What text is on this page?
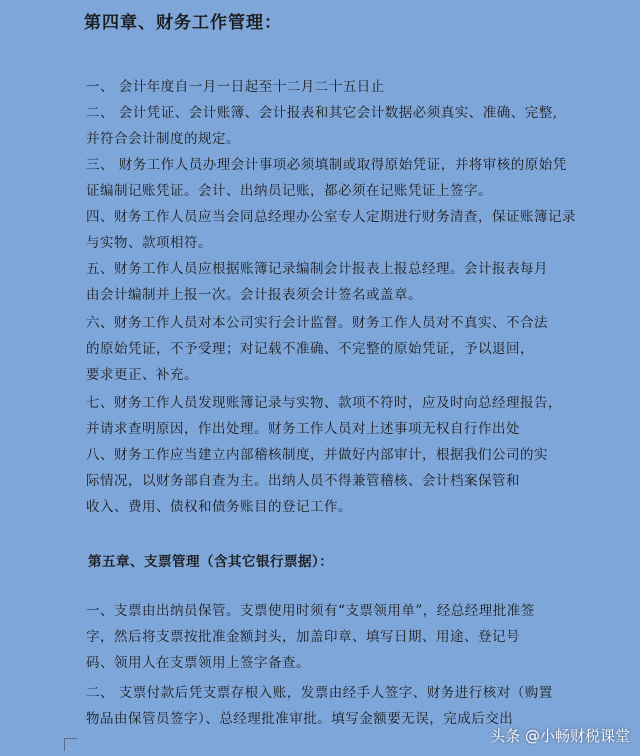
第四章、财务工作管理：
一、 会计年度自一月一日起至十二月二十五日止
二、 会计凭证、会计账簿、会计报表和其它会计数据必须真实、准确、完整,
并符合会计制度的规定。
三、 财务工作人员办理会计事项必须填制或取得原始凭证，并将审核的原始凭
证编制记账凭证。会计、出纳员记账，都必须在记账凭证上签字。
四、财务工作人员应当会同总经理办公室专人定期进行财务清查，保证账簿记录
与实物、款项相符。
五、财务工作人员应根据账簿记录编制会计报表上报总经理。会计报表每月
由会计编制并上报一次。会计报表须会计签名或盖章。
六、财务工作人员对本公司实行会计监督。财务工作人员对不真实、不合法
的原始凭证，不予受理；对记载不准确、不完整的原始凭证，予以退回，
要求更正、补充。
七、财务工作人员发现账簿记录与实物、款项不符时，应及时向总经理报告，
并请求查明原因，作出处理。财务工作人员对上述事项无权自行作出处
八、财务工作应当建立内部稽核制度，并做好内部审计，根据我们公司的实
际情况，以财务部自查为主。出纳人员不得兼管稽核、会计档案保管和
收入、费用、债权和债务账目的登记工作。
第五章、支票管理（含其它银行票据）：
一、支票由出纳员保管。支票使用时须有“支票领用单”，经总经理批准签
字，然后将支票按批准金额封头，加盖印章、填写日期、用途、登记号
码、领用人在支票领用上签字备查。
二、 支票付款后凭支票存根入账，发票由经手人签字、财务进行核对（购置
物品由保管员签字）、总经理批准审批。填写金额要无误，完成后交出
头条 @小畅财税课堂
